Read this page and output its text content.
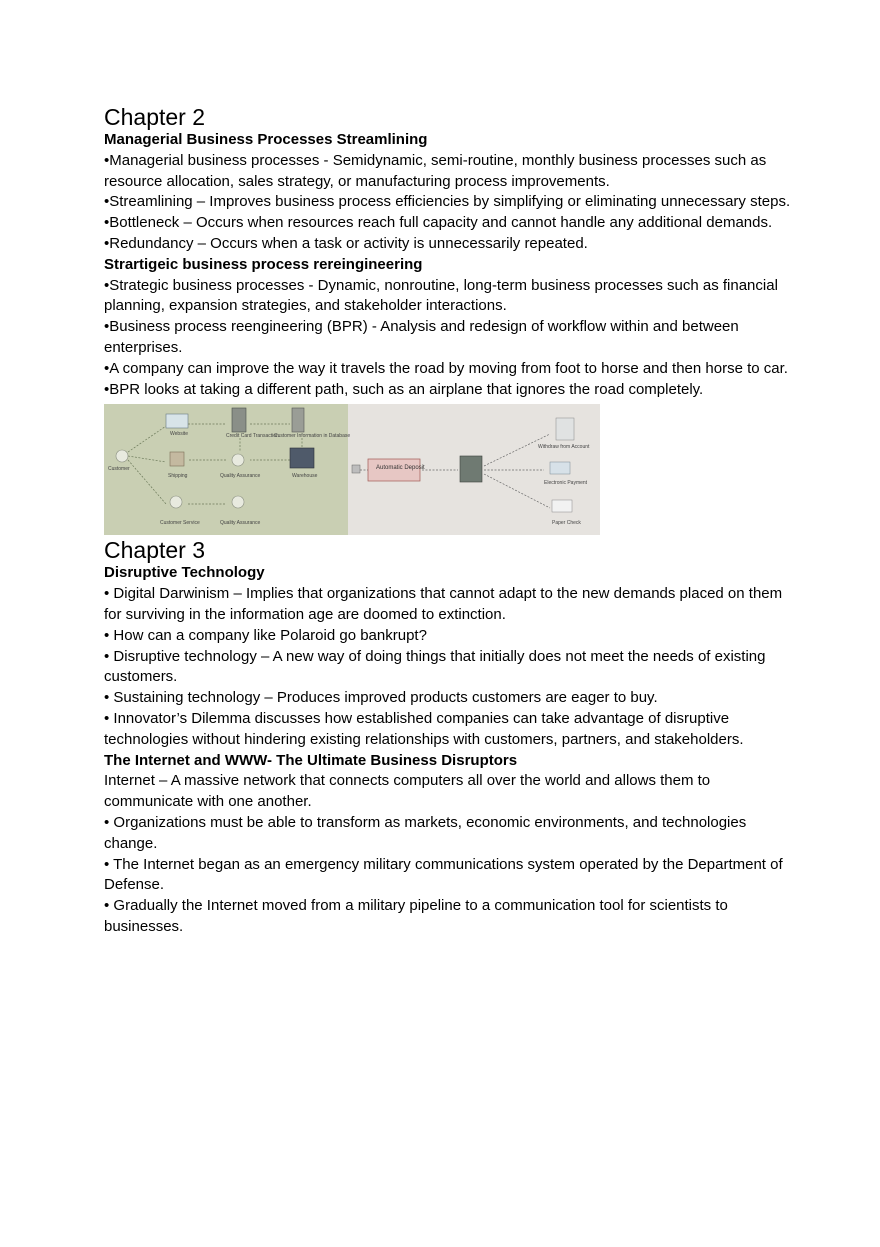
Chapter 2
Managerial Business Processes Streamlining

•Managerial business processes - Semidynamic, semi-routine, monthly business processes such as resource allocation, sales strategy, or manufacturing process improvements.

•Streamlining – Improves business process efficiencies by simplifying or eliminating unnecessary steps.

•Bottleneck – Occurs when resources reach full capacity and cannot handle any additional demands.

•Redundancy – Occurs when a task or activity is unnecessarily repeated.

Strartigeic business process rereingineering

•Strategic business processes - Dynamic, nonroutine, long-term business processes such as financial planning, expansion strategies, and stakeholder interactions.

•Business process reengineering (BPR) - Analysis and redesign of workflow within and between enterprises.

•A company can improve the way it travels the road by moving from foot to horse and then horse to car.

•BPR looks at taking a different path, such as an airplane that ignores the road completely.

Website	Credit Card Transaction
Customer Information in Database
Customer
Shipping	Quality Assurance	Warehouse
Customer Service	Quality Assurance
Automatic Deposit
Withdraw from Account
Electronic Payment
Paper Check
Chapter 3
Disruptive Technology

• Digital Darwinism – Implies that organizations that cannot adapt to the new demands placed on them for surviving in the information age are doomed to extinction.

• How can a company like Polaroid go bankrupt?

• Disruptive technology – A new way of doing things that initially does not meet the needs of existing customers.

• Sustaining technology – Produces improved products customers are eager to buy.

• Innovator’s Dilemma discusses how established companies can take advantage of disruptive technologies without hindering existing relationships with customers, partners, and stakeholders.

The Internet and WWW- The Ultimate Business Disruptors

Internet – A massive network that connects computers all over the world and allows them to communicate with one another.

• Organizations must be able to transform as markets, economic environments, and technologies change.

• The Internet began as an emergency military communications system operated by the Department of Defense.

• Gradually the Internet moved from a military pipeline to a communication tool for scientists to businesses.
